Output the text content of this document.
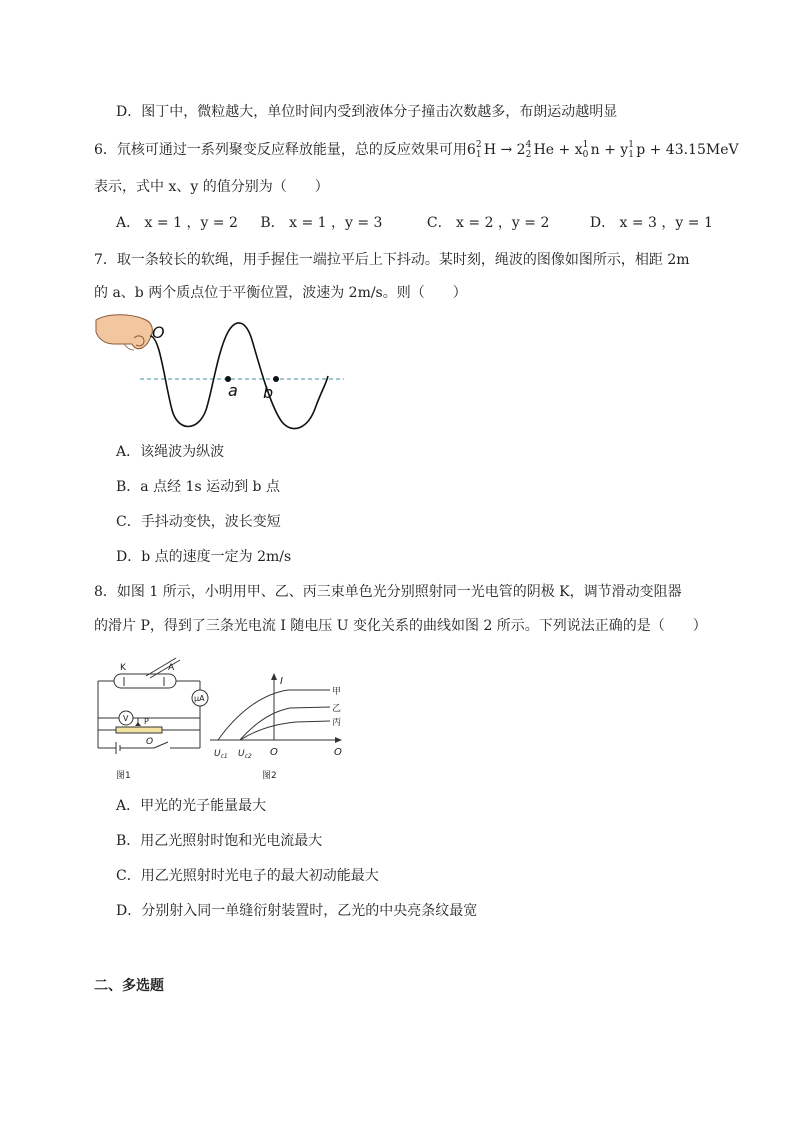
D．图丁中，微粒越大，单位时间内受到液体分子撞击次数越多，布朗运动越明显
6．氘核可通过一系列聚变反应释放能量，总的反应效果可用6 2
1 H → 2 4
2 He + x 1
0 n + y 1
1 p + 43.15MeV
表示，式中 x、y 的值分别为（　　）
A． x = 1 ，y = 2 B． x = 1 ，y = 3	C． x = 2 ，y = 2	D． x = 3 ，y = 1
7．取一条较长的软绳，用手握住一端拉平后上下抖动。某时刻，绳波的图像如图所示，相距 2m
的 a、b 两个质点位于平衡位置，波速为 2m/s。则（　　）
O
a b
A．该绳波为纵波
B．a 点经 1s 运动到 b 点
C．手抖动变快，波长变短
D．b 点的速度一定为 2m/s
8．如图 1 所示，小明用甲、乙、丙三束单色光分别照射同一光电管的阴极 K，调节滑动变阻器
的滑片 P，得到了三条光电流 I 随电压 U 变化关系的曲线如图 2 所示。下列说法正确的是（　　）
K	A
μA
V P
O
图1
I
甲
乙
丙
$U_{c1}$ $U_{c2}$ O	O
图2
A．甲光的光子能量最大
B．用乙光照射时饱和光电流最大
C．用乙光照射时光电子的最大初动能最大
D．分别射入同一单缝衍射装置时，乙光的中央亮条纹最宽
二、多选题
